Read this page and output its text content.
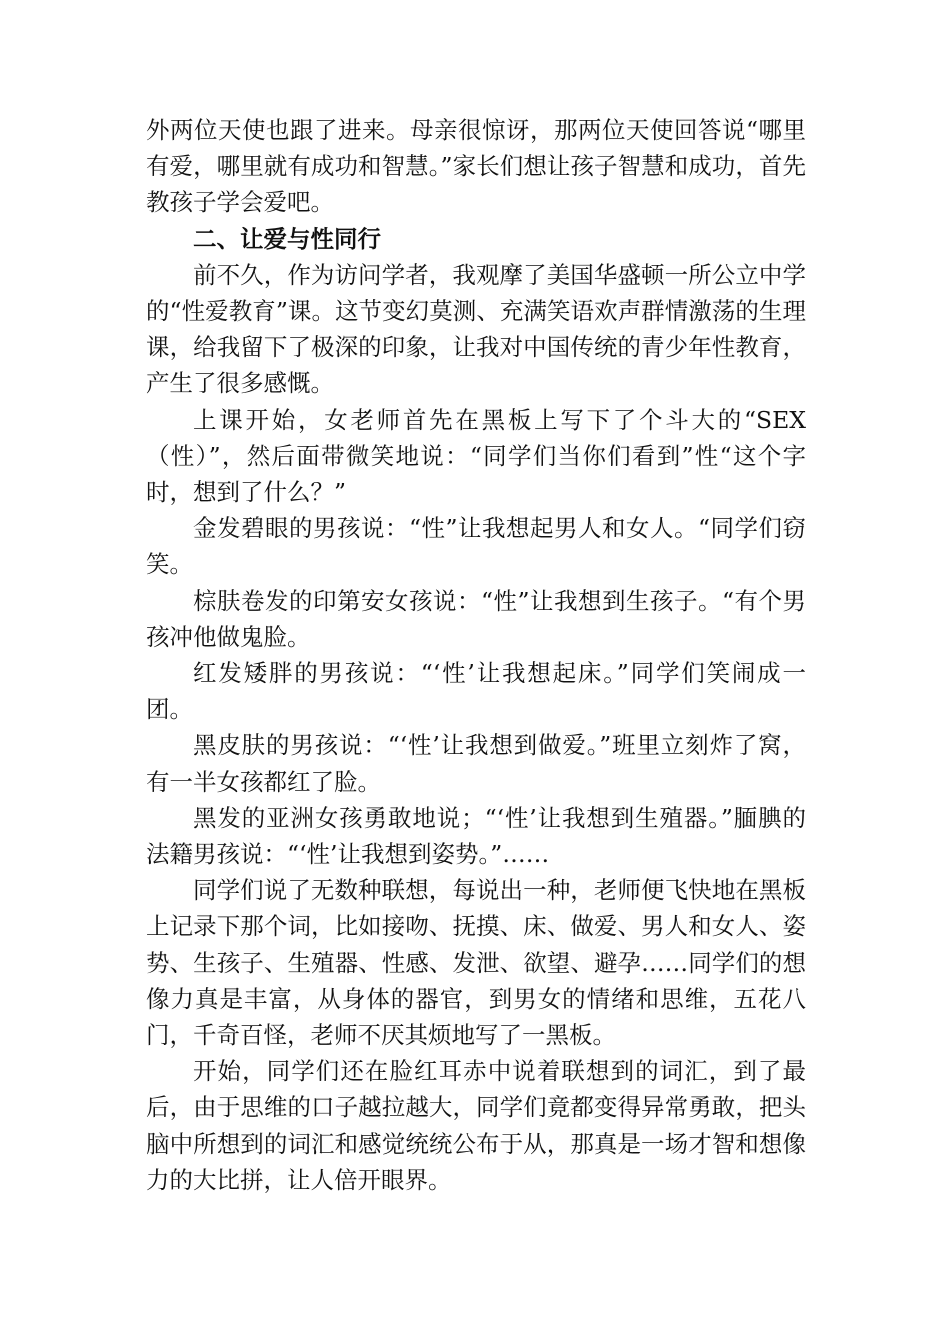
外两位天使也跟了进来。母亲很惊讶，那两位天使回答说“哪里有爱，哪里就有成功和智慧。”家长们想让孩子智慧和成功，首先教孩子学会爱吧。

二、让爱与性同行

前不久，作为访问学者，我观摩了美国华盛顿一所公立中学的“性爱教育”课。这节变幻莫测、充满笑语欢声群情激荡的生理课，给我留下了极深的印象，让我对中国传统的青少年性教育，产生了很多感慨。

上课开始，女老师首先在黑板上写下了个斗大的“SEX（性）”，然后面带微笑地说：“同学们当你们看到”性“这个字时，想到了什么？”

金发碧眼的男孩说：“性”让我想起男人和女人。“同学们窃笑。

棕肤卷发的印第安女孩说：“性”让我想到生孩子。“有个男孩冲他做鬼脸。

红发矮胖的男孩说：“‘性’让我想起床。”同学们笑闹成一团。

黑皮肤的男孩说：“‘性’让我想到做爱。”班里立刻炸了窝，有一半女孩都红了脸。

黑发的亚洲女孩勇敢地说；“‘性’让我想到生殖器。”腼腆的法籍男孩说：“‘性’让我想到姿势。”……

同学们说了无数种联想，每说出一种，老师便飞快地在黑板上记录下那个词，比如接吻、抚摸、床、做爱、男人和女人、姿势、生孩子、生殖器、性感、发泄、欲望、避孕……同学们的想像力真是丰富，从身体的器官，到男女的情绪和思维，五花八门，千奇百怪，老师不厌其烦地写了一黑板。

开始，同学们还在脸红耳赤中说着联想到的词汇，到了最后，由于思维的口子越拉越大，同学们竟都变得异常勇敢，把头脑中所想到的词汇和感觉统统公布于从，那真是一场才智和想像力的大比拼，让人倍开眼界。
